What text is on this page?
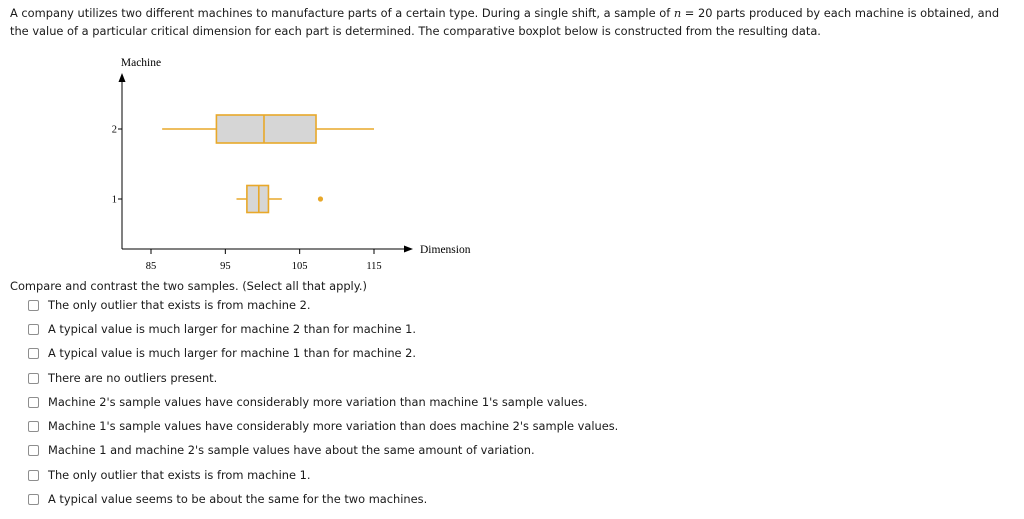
A company utilizes two different machines to manufacture parts of a certain type. During a single shift, a sample of n = 20 parts produced by each machine is obtained, and the value of a particular critical dimension for each part is determined. The comparative boxplot below is constructed from the resulting data.
Machine
Dimension
85	95	105	115
1
2
Compare and contrast the two samples. (Select all that apply.)
The only outlier that exists is from machine 2.
A typical value is much larger for machine 2 than for machine 1.
A typical value is much larger for machine 1 than for machine 2.
There are no outliers present.
Machine 2's sample values have considerably more variation than machine 1's sample values.
Machine 1's sample values have considerably more variation than does machine 2's sample values.
Machine 1 and machine 2's sample values have about the same amount of variation.
The only outlier that exists is from machine 1.
A typical value seems to be about the same for the two machines.
